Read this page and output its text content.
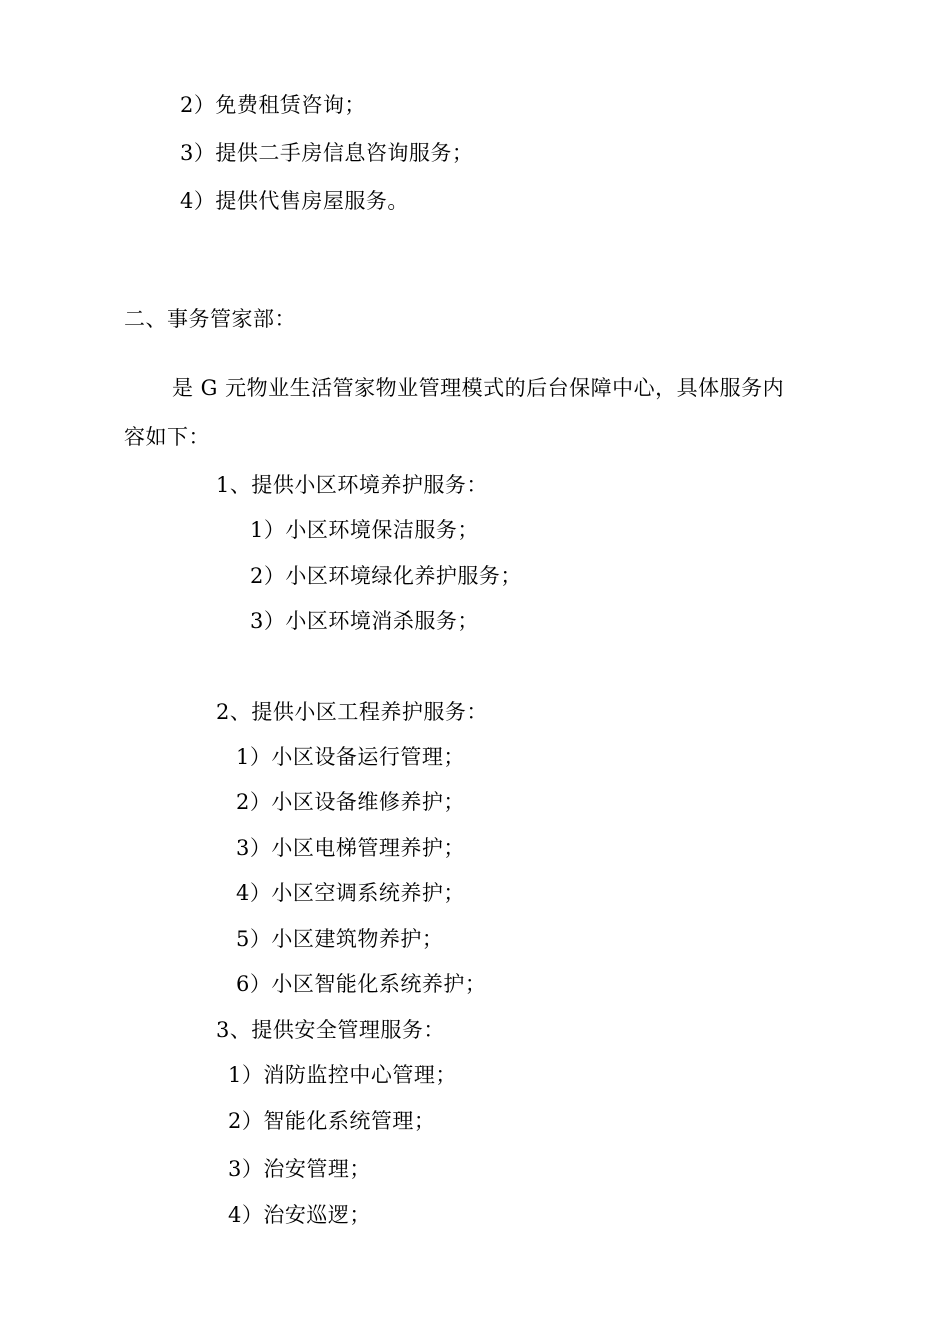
2）免费租赁咨询；
3）提供二手房信息咨询服务；
4）提供代售房屋服务。
二、事务管家部：
是 G 元物业生活管家物业管理模式的后台保障中心，具体服务内
容如下：
1、提供小区环境养护服务：
1）小区环境保洁服务；
2）小区环境绿化养护服务；
3）小区环境消杀服务；
2、提供小区工程养护服务：
1）小区设备运行管理；
2）小区设备维修养护；
3）小区电梯管理养护；
4）小区空调系统养护；
5）小区建筑物养护；
6）小区智能化系统养护；
3、提供安全管理服务：
1）消防监控中心管理；
2）智能化系统管理；
3）治安管理；
4）治安巡逻；
